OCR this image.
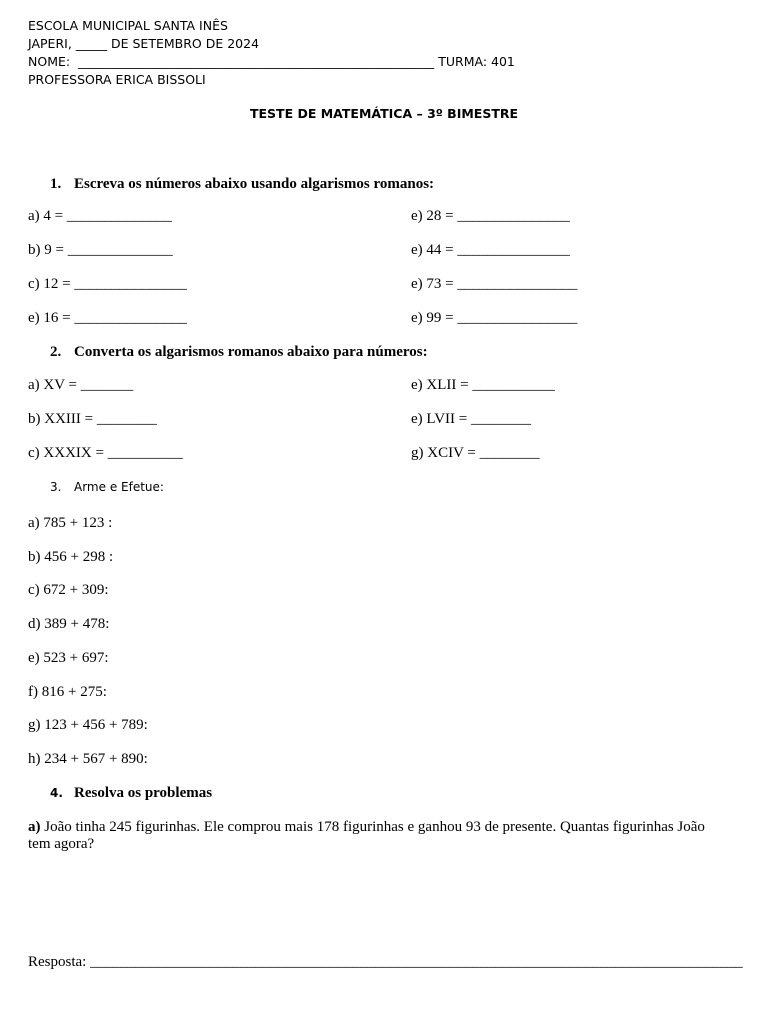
ESCOLA MUNICIPAL SANTA INÊS
JAPERI, _____ DE SETEMBRO DE 2024
NOME:  _________________________________________________________ TURMA: 401
PROFESSORA ERICA BISSOLI
TESTE DE MATEMÁTICA – 3º BIMESTRE
1. Escreva os números abaixo usando algarismos romanos:
a) 4 = ______________
b) 9 = ______________
c) 12 = _______________
e) 16 = _______________
e) 28 = _______________
e) 44 = _______________
e) 73 = ________________
e) 99 = ________________
2. Converta os algarismos romanos abaixo para números:
a) XV = _______
b) XXIII = ________
c) XXXIX = __________
e) XLII = ___________
e) LVII = ________
g) XCIV = ________
3. Arme e Efetue:
a) 785 + 123 :
b) 456 + 298 :
c) 672 + 309:
d) 389 + 478:
e) 523 + 697:
f) 816 + 275:
g) 123 + 456 + 789:
h) 234 + 567 + 890:
4. Resolva os problemas
a) João tinha 245 figurinhas. Ele comprou mais 178 figurinhas e ganhou 93 de presente. Quantas figurinhas João
tem agora?
Resposta: _______________________________________________________________________________________
